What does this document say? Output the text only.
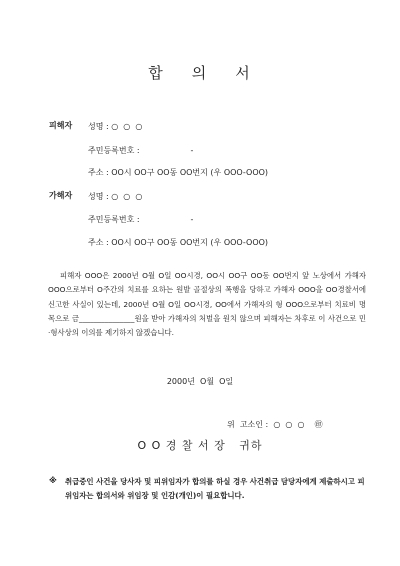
합    의    서
피해자 성명 : ○  ○  ○
주민등록번호 :                    -
주소 : OO시 OO구 OO동 OO번지 (우 OOO-OOO)
가해자 성명 : ○  ○  ○
주민등록번호 :                    -
주소 : OO시 OO구 OO동 OO번지 (우 OOO-OOO)
피해자 OOO은 2000년 O월 O일 OO시경, OO시 OO구 OO동 OO번지 앞 노상에서 가해자 OOO으로부터 O주간의 치료를 요하는 원발 골절상의 폭행을 당하고 가해자 OOO을 OO경찰서에 신고한 사실이 있는데, 2000년 O월 O일 OO시경, OO에서 가해자의 형 OOO으로부터 치료비 명목으로 금_______________원을 받아 가해자의 처벌을 원치 않으며 피해자는 차후로 이 사건으로 민·형사상의 이의를 제기하지 않겠습니다.
2000년  O월  O일
위  고소인 :  ○  ○  ○    ㊞
O O 경 찰 서 장   귀하
※ 취급중인 사건을 당사자 및 피위임자가 합의를 하실 경우 사건취급 담당자에게 제출하시고 피위임자는 합의서와 위임장 및 인감(개인)이 필요합니다.
